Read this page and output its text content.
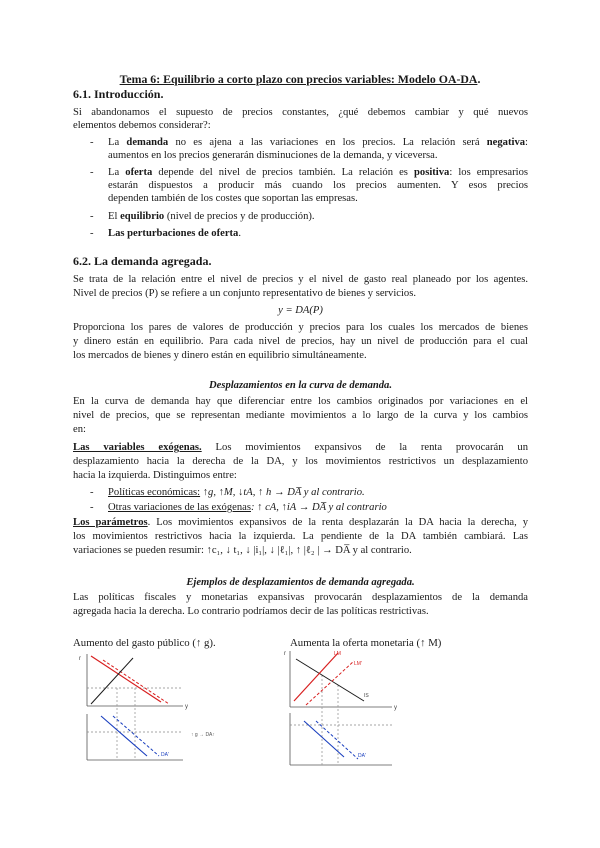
Tema 6: Equilibrio a corto plazo con precios variables: Modelo OA-DA.
6.1. Introducción.
Si abandonamos el supuesto de precios constantes, ¿qué debemos cambiar y qué nuevos
elementos debemos considerar?:
- La demanda no es ajena a las variaciones en los precios. La relación será negativa:
aumentos en los precios generarán disminuciones de la demanda, y viceversa.
- La oferta depende del nivel de precios también. La relación es positiva: los empresarios
estarán dispuestos a producir más cuando los precios aumenten. Y esos precios
dependen también de los costes que soportan las empresas.
- El equilibrio (nivel de precios y de producción).
- Las perturbaciones de oferta.
6.2. La demanda agregada.
Se trata de la relación entre el nivel de precios y el nivel de gasto real planeado por los agentes.
Nivel de precios (P) se refiere a un conjunto representativo de bienes y servicios.
y = DA(P)
Proporciona los pares de valores de producción y precios para los cuales los mercados de bienes
y dinero están en equilibrio. Para cada nivel de precios, hay un nivel de producción para el cual
los mercados de bienes y dinero están en equilibrio simultáneamente.
Desplazamientos en la curva de demanda.
En la curva de demanda hay que diferenciar entre los cambios originados por variaciones en el
nivel de precios, que se representan mediante movimientos a lo largo de la curva y los cambios
en:
Las variables exógenas. Los movimientos expansivos de la renta provocarán un
desplazamiento hacia la derecha de la DA, y los movimientos restrictivos un desplazamiento
hacia la izquierda. Distinguimos entre:
- Políticas económicas: ↑g, ↑M, ↓tA, ↑ h → DA̅ y al contrario.
- Otras variaciones de las exógenas: ↑ cA, ↑iA → DA̅ y al contrario
Los parámetros. Los movimientos expansivos de la renta desplazarán la DA hacia la derecha, y
los movimientos restrictivos hacia la izquierda. La pendiente de la DA también cambiará. Las
variaciones se pueden resumir: ↑c₁, ↓ t₁, ↓ |i₁|, ↓ |ℓ₁|, ↑ |ℓ₂ | → DA̅ y al contrario.
Ejemplos de desplazamientos de demanda agregada.
Las políticas fiscales y monetarias expansivas provocarán desplazamientos de la demanda
agregada hacia la derecha. Lo contrario podríamos decir de las políticas restrictivas.
Aumento del gasto público (↑ g).	Aumenta la oferta monetaria (↑ M)
r
y
↑ g → DA↑
DA'
r
y
LM
LM'
IS
DA'
